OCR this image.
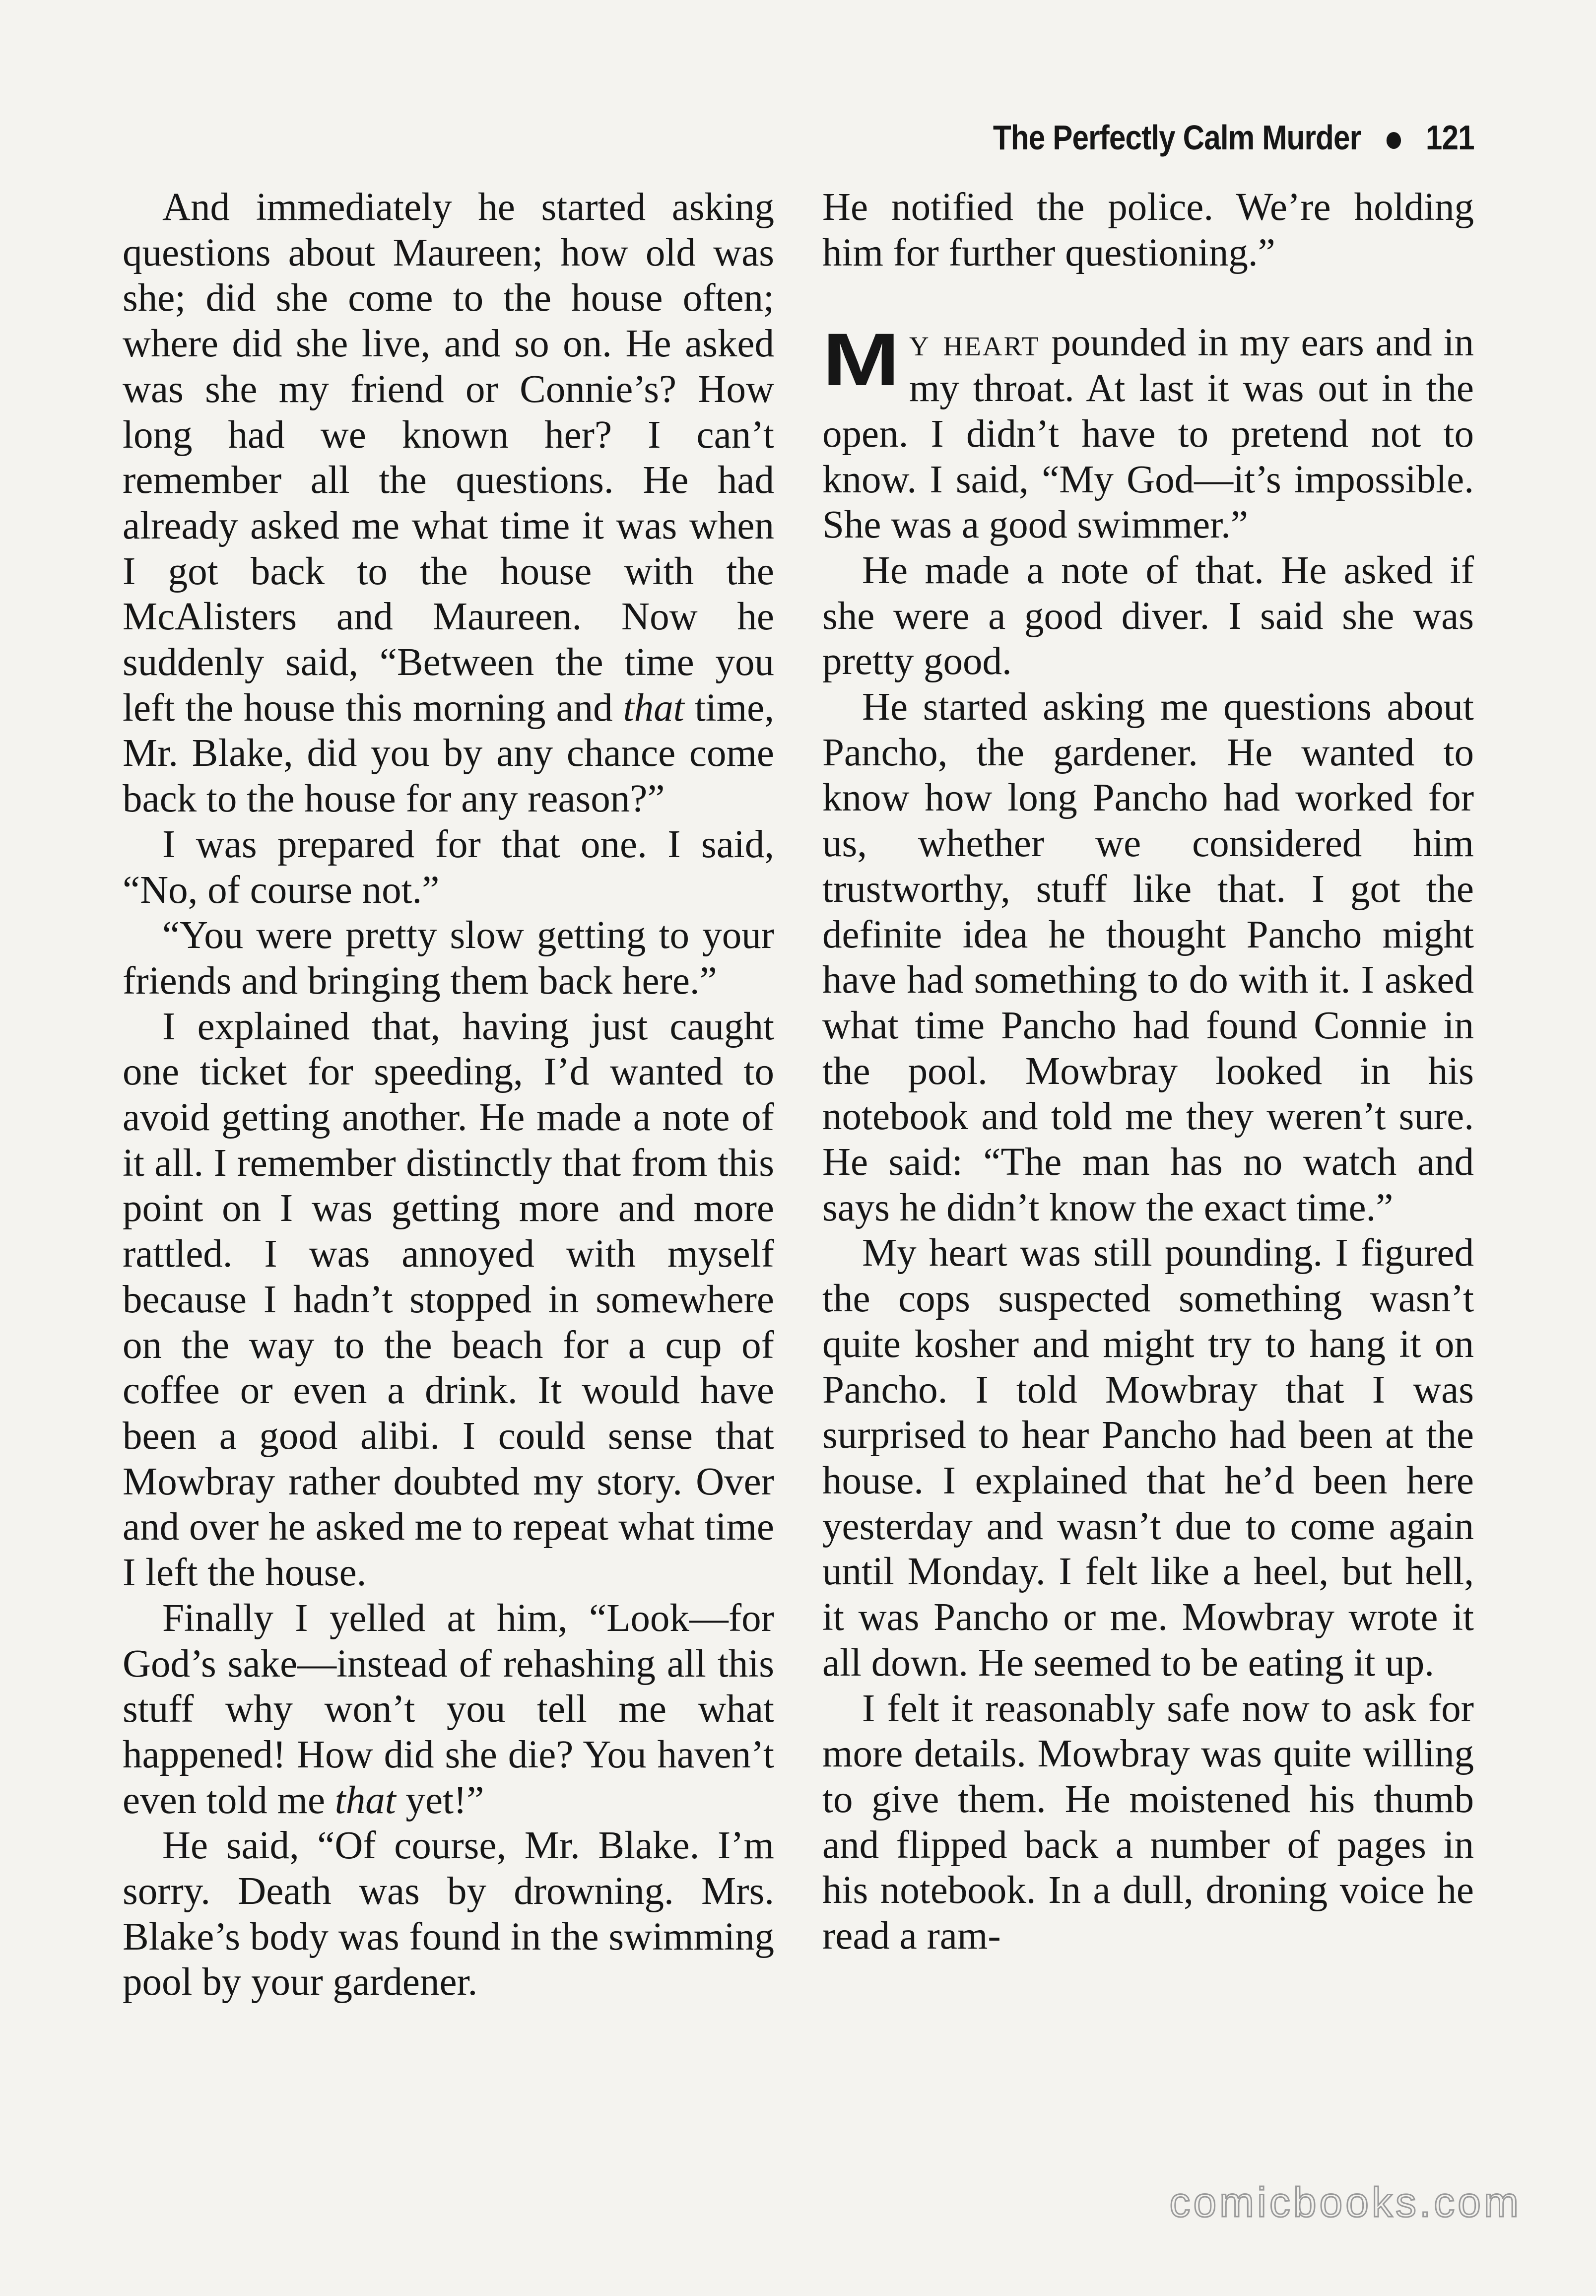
The Perfectly Calm Murder 121

And immediately he started asking questions about Maureen; how old was she; did she come to the house often; where did she live, and so on. He asked was she my friend or Connie’s? How long had we known her? I can’t remember all the questions. He had already asked me what time it was when I got back to the house with the McAlisters and Maureen. Now he suddenly said, “Between the time you left the house this morning and that time, Mr. Blake, did you by any chance come back to the house for any reason?”

I was prepared for that one. I said, “No, of course not.”

“You were pretty slow getting to your friends and bringing them back here.”

I explained that, having just caught one ticket for speeding, I’d wanted to avoid getting another. He made a note of it all. I remember distinctly that from this point on I was getting more and more rattled. I was annoyed with myself because I hadn’t stopped in somewhere on the way to the beach for a cup of coffee or even a drink. It would have been a good alibi. I could sense that Mowbray rather doubted my story. Over and over he asked me to repeat what time I left the house.

Finally I yelled at him, “Look—for God’s sake—instead of rehashing all this stuff why won’t you tell me what happened! How did she die? You haven’t even told me that yet!”

He said, “Of course, Mr. Blake. I’m sorry. Death was by drowning. Mrs. Blake’s body was found in the swimming pool by your gardener.

He notified the police. We’re holding him for further questioning.”

My heart pounded in my ears and in my throat. At last it was out in the open. I didn’t have to pretend not to know. I said, “My God—it’s impossible. She was a good swimmer.”

He made a note of that. He asked if she were a good diver. I said she was pretty good.

He started asking me questions about Pancho, the gardener. He wanted to know how long Pancho had worked for us, whether we considered him trustworthy, stuff like that. I got the definite idea he thought Pancho might have had something to do with it. I asked what time Pancho had found Connie in the pool. Mowbray looked in his notebook and told me they weren’t sure. He said: “The man has no watch and says he didn’t know the exact time.”

My heart was still pounding. I figured the cops suspected something wasn’t quite kosher and might try to hang it on Pancho. I told Mowbray that I was surprised to hear Pancho had been at the house. I explained that he’d been here yesterday and wasn’t due to come again until Monday. I felt like a heel, but hell, it was Pancho or me. Mowbray wrote it all down. He seemed to be eating it up.

I felt it reasonably safe now to ask for more details. Mowbray was quite willing to give them. He moistened his thumb and flipped back a number of pages in his notebook. In a dull, droning voice he read a ram-

comicbooks.com
